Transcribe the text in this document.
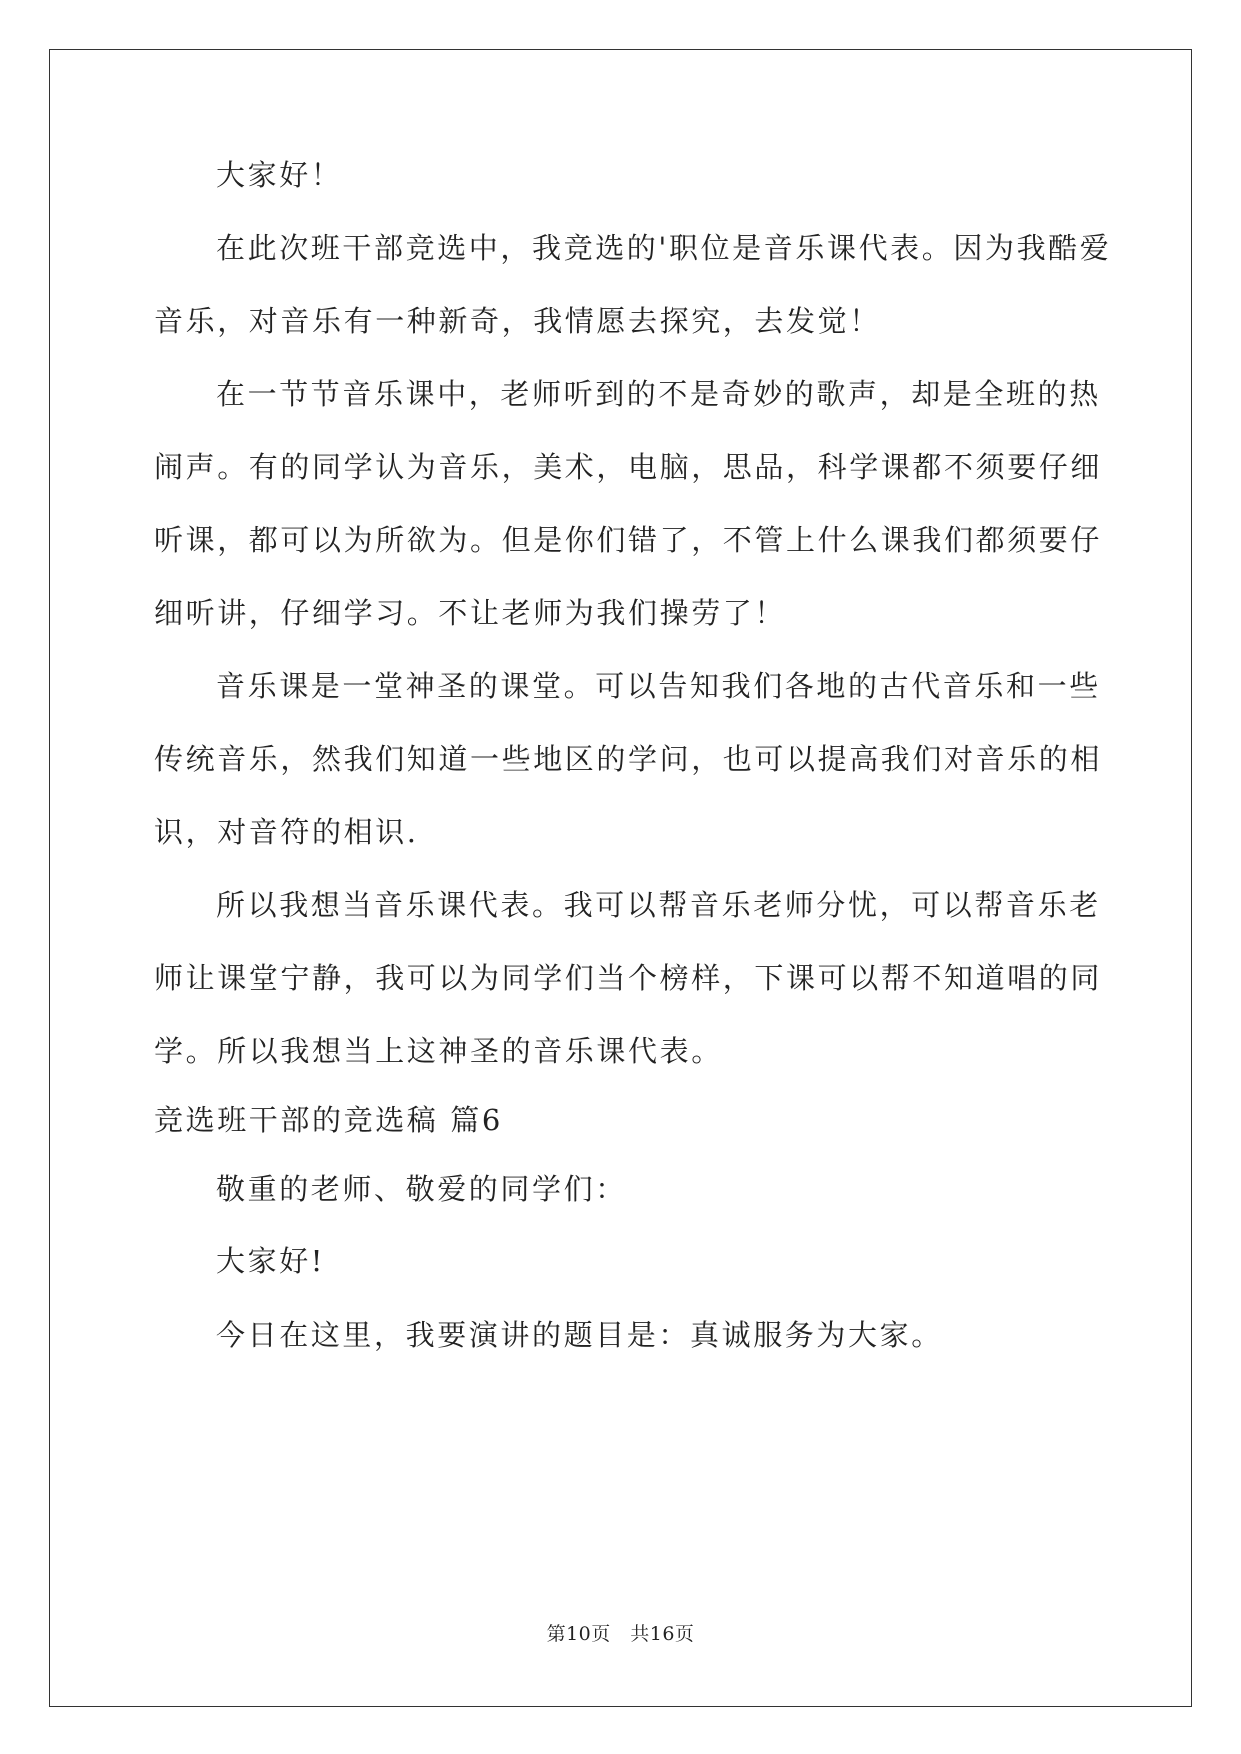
大家好！
在此次班干部竞选中，我竞选的'职位是音乐课代表。因为我酷爱
音乐，对音乐有一种新奇，我情愿去探究，去发觉！
在一节节音乐课中，老师听到的不是奇妙的歌声，却是全班的热
闹声。有的同学认为音乐，美术，电脑，思品，科学课都不须要仔细
听课，都可以为所欲为。但是你们错了，不管上什么课我们都须要仔
细听讲，仔细学习。不让老师为我们操劳了！
音乐课是一堂神圣的课堂。可以告知我们各地的古代音乐和一些
传统音乐，然我们知道一些地区的学问，也可以提高我们对音乐的相
识，对音符的相识.
所以我想当音乐课代表。我可以帮音乐老师分忧，可以帮音乐老
师让课堂宁静，我可以为同学们当个榜样，下课可以帮不知道唱的同
学。所以我想当上这神圣的音乐课代表。
竞选班干部的竞选稿 篇6
敬重的老师、敬爱的同学们：
大家好!
今日在这里，我要演讲的题目是：真诚服务为大家。
第10页　共16页
